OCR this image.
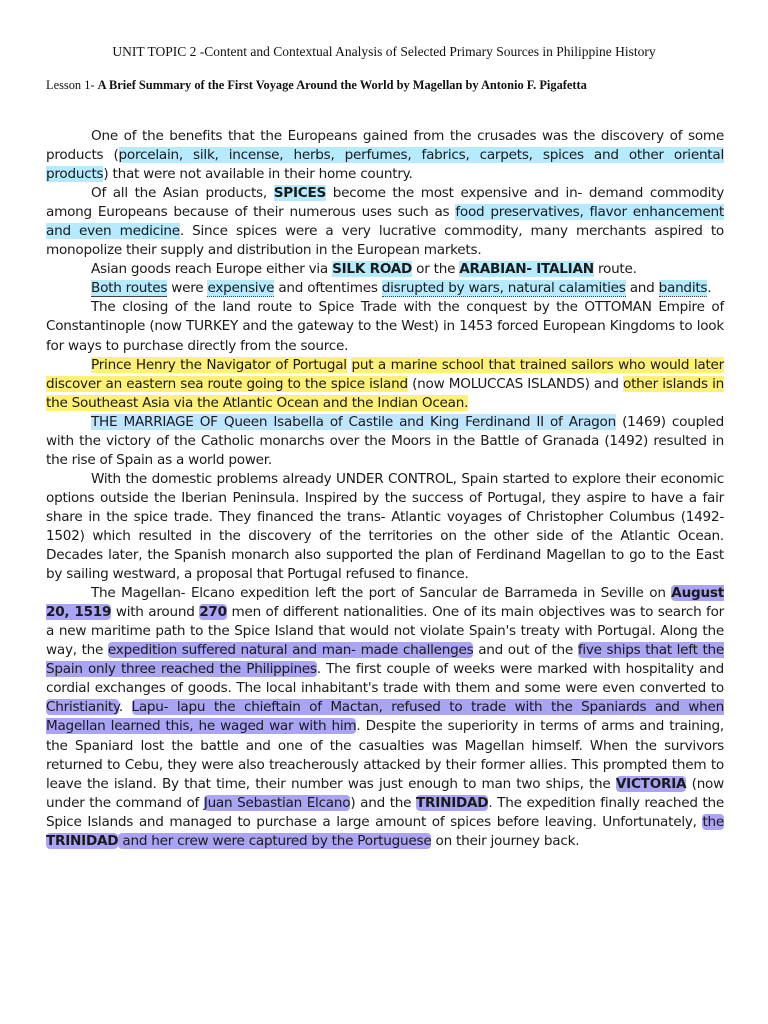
UNIT TOPIC 2 -Content and Contextual Analysis of Selected Primary Sources in Philippine History
Lesson 1- A Brief Summary of the First Voyage Around the World by Magellan by Antonio F. Pigafetta

One of the benefits that the Europeans gained from the crusades was the discovery of some products (porcelain, silk, incense, herbs, perfumes, fabrics, carpets, spices and other oriental products) that were not available in their home country.

Of all the Asian products, SPICES become the most expensive and in- demand commodity among Europeans because of their numerous uses such as food preservatives, flavor enhancement and even medicine. Since spices were a very lucrative commodity, many merchants aspired to monopolize their supply and distribution in the European markets.

Asian goods reach Europe either via SILK ROAD or the ARABIAN- ITALIAN route.

Both routes were expensive and oftentimes disrupted by wars, natural calamities and bandits.

The closing of the land route to Spice Trade with the conquest by the OTTOMAN Empire of Constantinople (now TURKEY and the gateway to the West) in 1453 forced European Kingdoms to look for ways to purchase directly from the source.

Prince Henry the Navigator of Portugal put a marine school that trained sailors who would later discover an eastern sea route going to the spice island (now MOLUCCAS ISLANDS) and other islands in the Southeast Asia via the Atlantic Ocean and the Indian Ocean.

THE MARRIAGE OF Queen Isabella of Castile and King Ferdinand II of Aragon (1469) coupled with the victory of the Catholic monarchs over the Moors in the Battle of Granada (1492) resulted in the rise of Spain as a world power.

With the domestic problems already UNDER CONTROL, Spain started to explore their economic options outside the Iberian Peninsula. Inspired by the success of Portugal, they aspire to have a fair share in the spice trade. They financed the trans- Atlantic voyages of Christopher Columbus (1492- 1502) which resulted in the discovery of the territories on the other side of the Atlantic Ocean. Decades later, the Spanish monarch also supported the plan of Ferdinand Magellan to go to the East by sailing westward, a proposal that Portugal refused to finance.

The Magellan- Elcano expedition left the port of Sancular de Barrameda in Seville on August 20, 1519 with around 270 men of different nationalities. One of its main objectives was to search for a new maritime path to the Spice Island that would not violate Spain's treaty with Portugal. Along the way, the expedition suffered natural and man- made challenges and out of the five ships that left the Spain only three reached the Philippines. The first couple of weeks were marked with hospitality and cordial exchanges of goods. The local inhabitant's trade with them and some were even converted to Christianity. Lapu- lapu the chieftain of Mactan, refused to trade with the Spaniards and when Magellan learned this, he waged war with him. Despite the superiority in terms of arms and training, the Spaniard lost the battle and one of the casualties was Magellan himself. When the survivors returned to Cebu, they were also treacherously attacked by their former allies. This prompted them to leave the island. By that time, their number was just enough to man two ships, the VICTORIA (now under the command of Juan Sebastian Elcano) and the TRINIDAD. The expedition finally reached the Spice Islands and managed to purchase a large amount of spices before leaving. Unfortunately, the TRINIDAD and her crew were captured by the Portuguese on their journey back.
